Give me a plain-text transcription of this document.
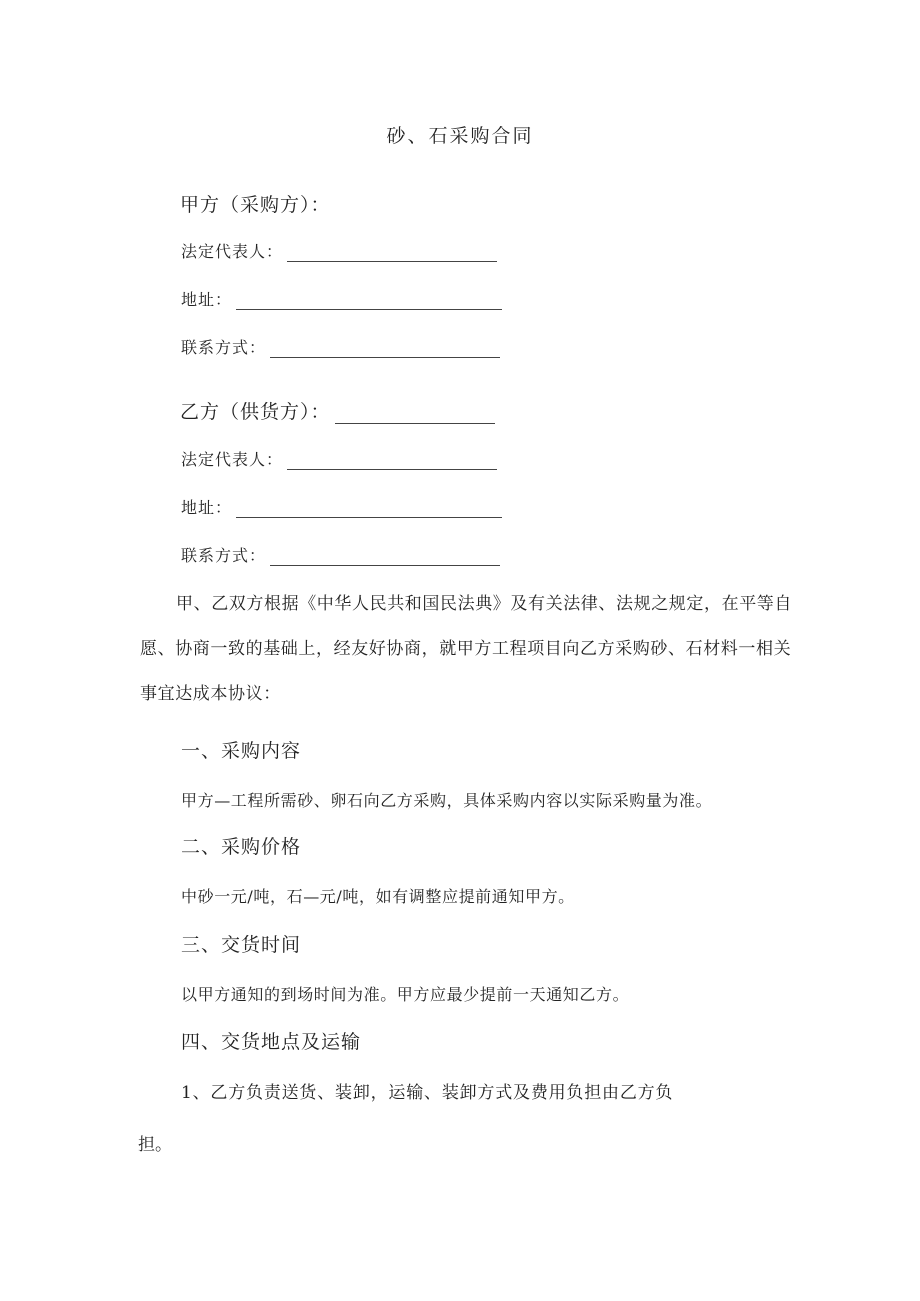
砂、石采购合同
甲方（采购方）：
法定代表人：
地址：
联系方式：
乙方（供货方）：
法定代表人：
地址：
联系方式：
甲、乙双方根据《中华人民共和国民法典》及有关法律、法规之规定，在平等自愿、协商一致的基础上，经友好协商，就甲方工程项目向乙方采购砂、石材料一相关事宜达成本协议：
一、采购内容
甲方—工程所需砂、卵石向乙方采购，具体采购内容以实际采购量为准。
二、采购价格
中砂一元/吨，石—元/吨，如有调整应提前通知甲方。
三、交货时间
以甲方通知的到场时间为准。甲方应最少提前一天通知乙方。
四、交货地点及运输
1、乙方负责送货、装卸，运输、装卸方式及费用负担由乙方负
担。
